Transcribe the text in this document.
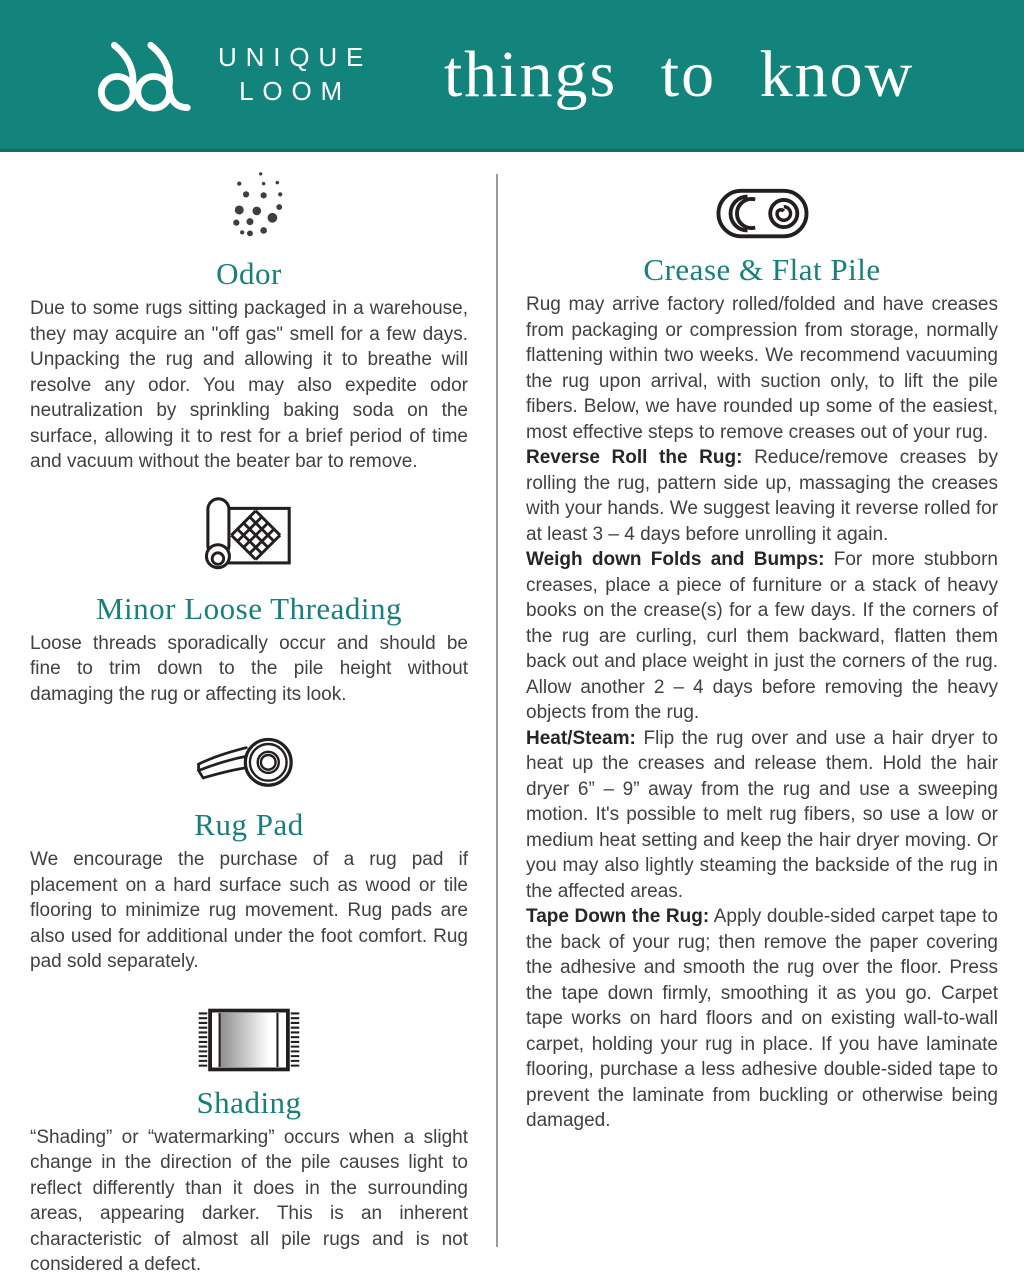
UNIQUE
LOOM	things to know
Odor

Due to some rugs sitting packaged in a warehouse, they may acquire an "off gas" smell for a few days. Unpacking the rug and allowing it to breathe will resolve any odor. You may also expedite odor neutralization by sprinkling baking soda on the surface, allowing it to rest for a brief period of time and vacuum without the beater bar to remove.

Minor Loose Threading

Loose threads sporadically occur and should be fine to trim down to the pile height without damaging the rug or affecting its look.

Rug Pad

We encourage the purchase of a rug pad if placement on a hard surface such as wood or tile flooring to minimize rug movement. Rug pads are also used for additional under the foot comfort. Rug pad sold separately.

Shading

“Shading” or “watermarking” occurs when a slight change in the direction of the pile causes light to reflect differently than it does in the surrounding areas, appearing darker. This is an inherent characteristic of almost all pile rugs and is not considered a defect.

Crease & Flat Pile

Rug may arrive factory rolled/folded and have creases from packaging or compression from storage, normally flattening within two weeks. We recommend vacuuming the rug upon arrival, with suction only, to lift the pile fibers. Below, we have rounded up some of the easiest, most effective steps to remove creases out of your rug.

Reverse Roll the Rug: Reduce/remove creases by rolling the rug, pattern side up, massaging the creases with your hands. We suggest leaving it reverse rolled for at least 3 – 4 days before unrolling it again.

Weigh down Folds and Bumps: For more stubborn creases, place a piece of furniture or a stack of heavy books on the crease(s) for a few days. If the corners of the rug are curling, curl them backward, flatten them back out and place weight in just the corners of the rug. Allow another 2 – 4 days before removing the heavy objects from the rug.

Heat/Steam: Flip the rug over and use a hair dryer to heat up the creases and release them. Hold the hair dryer 6” – 9” away from the rug and use a sweeping motion. It's possible to melt rug fibers, so use a low or medium heat setting and keep the hair dryer moving. Or you may also lightly steaming the backside of the rug in the affected areas.

Tape Down the Rug: Apply double-sided carpet tape to the back of your rug; then remove the paper covering the adhesive and smooth the rug over the floor. Press the tape down firmly, smoothing it as you go. Carpet tape works on hard floors and on existing wall-to-wall carpet, holding your rug in place. If you have laminate flooring, purchase a less adhesive double-sided tape to prevent the laminate from buckling or otherwise being damaged.
